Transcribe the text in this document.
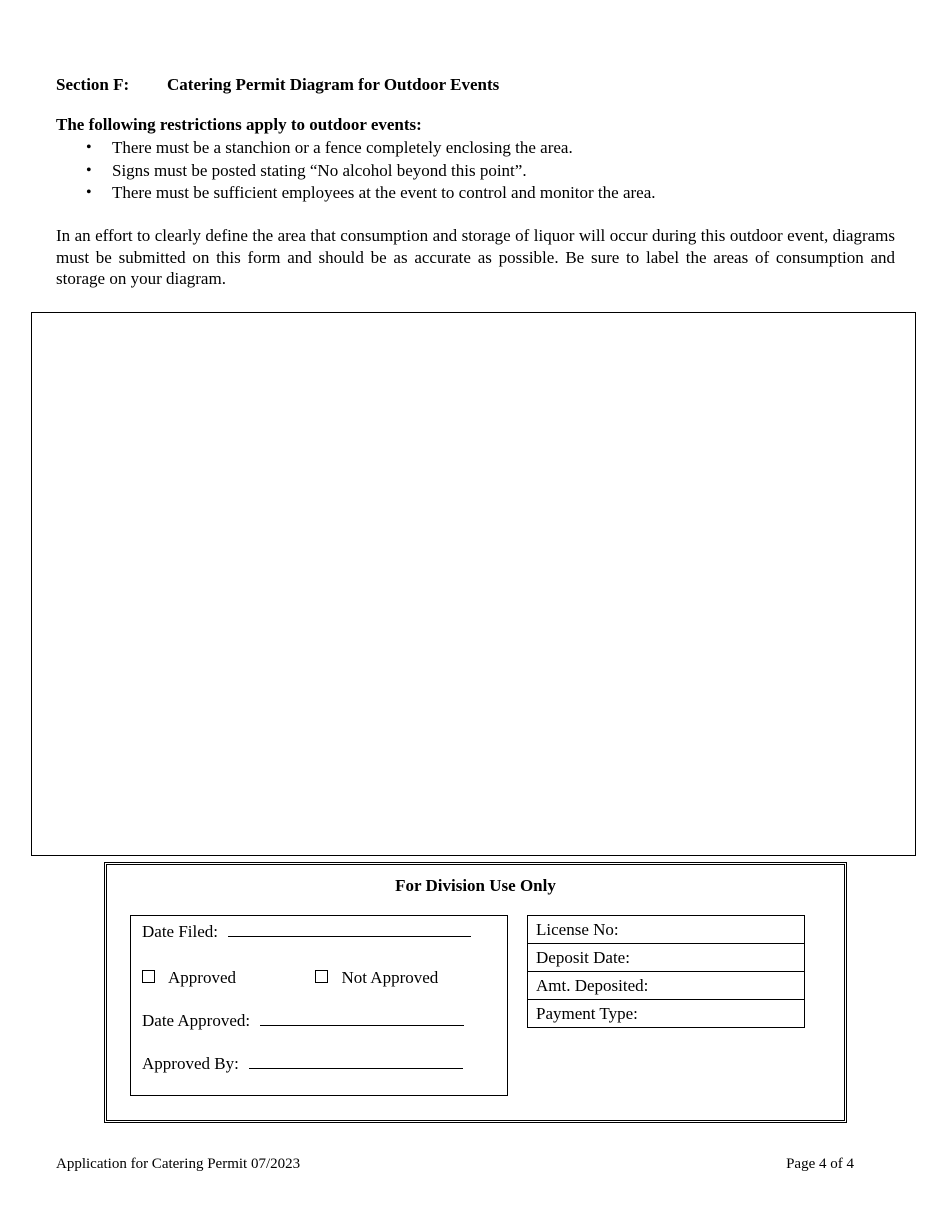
Section F: Catering Permit Diagram for Outdoor Events
The following restrictions apply to outdoor events:
• There must be a stanchion or a fence completely enclosing the area.
• Signs must be posted stating “No alcohol beyond this point”.
• There must be sufficient employees at the event to control and monitor the area.

In an effort to clearly define the area that consumption and storage of liquor will occur during this outdoor event, diagrams must be submitted on this form and should be as accurate as possible. Be sure to label the areas of consumption and storage on your diagram.

For Division Use Only
Date Filed:
Approved	Not Approved
Date Approved:
Approved By:
License No:
Deposit Date:
Amt. Deposited:
Payment Type:
Application for Catering Permit 07/2023	Page 4 of 4
